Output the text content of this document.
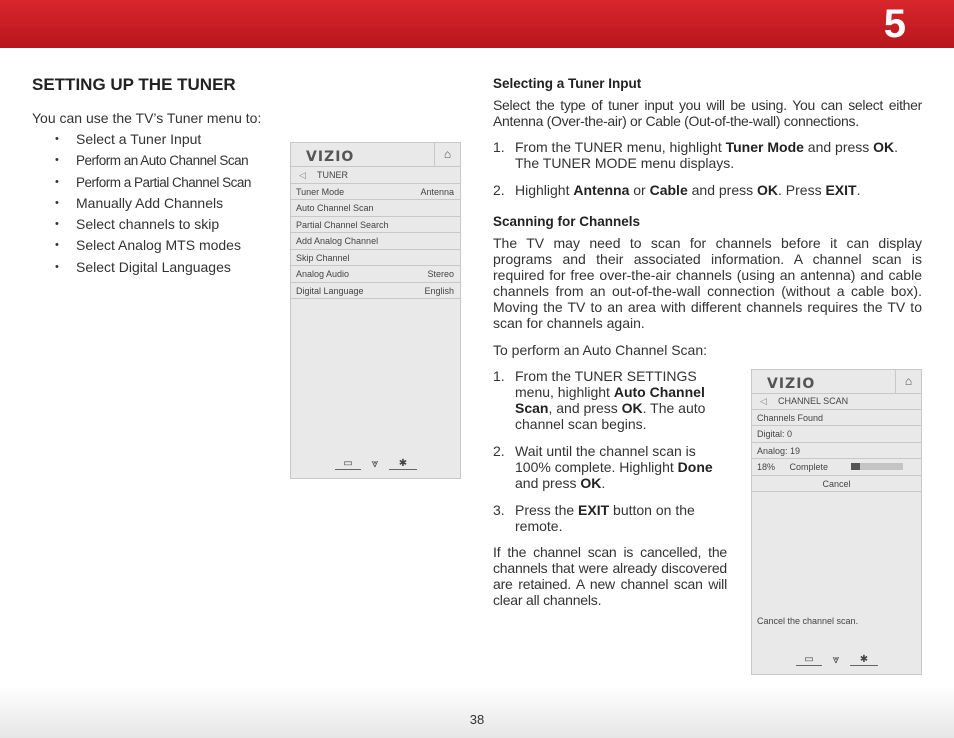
5
SETTING UP THE TUNER
You can use the TV’s Tuner menu to:
• Select a Tuner Input
• Perform an Auto Channel Scan
• Perform a Partial Channel Scan
• Manually Add Channels
• Select channels to skip
• Select Analog MTS modes
• Select Digital Languages
VIZIO	⌂
◁ TUNER
Tuner Mode	Antenna
Auto Channel Scan
Partial Channel Search
Add Analog Channel
Skip Channel
Analog Audio	Stereo
Digital Language	English
▭	⩔	✱
Selecting a Tuner Input
Select the type of tuner input you will be using. You can select either Antenna (Over-the-air) or Cable (Out-of-the-wall) connections.
1. From the TUNER menu, highlight Tuner Mode and press OK. The TUNER MODE menu displays.
2. Highlight Antenna or Cable and press OK. Press EXIT.
Scanning for Channels
The TV may need to scan for channels before it can display programs and their associated information. A channel scan is required for free over-the-air channels (using an antenna) and cable channels from an out-of-the-wall connection (without a cable box). Moving the TV to an area with different channels requires the TV to scan for channels again.
To perform an Auto Channel Scan:
1. From the TUNER SETTINGS menu, highlight Auto Channel Scan, and press OK. The auto channel scan begins.
2. Wait until the channel scan is 100% complete. Highlight Done and press OK.
3. Press the EXIT button on the remote.
If the channel scan is cancelled, the channels that were already discovered are retained. A new channel scan will clear all channels.
VIZIO	⌂
◁ CHANNEL SCAN
Channels Found
Digital: 0
Analog: 19
18% Complete
Cancel
Cancel the channel scan.
▭	⩔	✱
38
